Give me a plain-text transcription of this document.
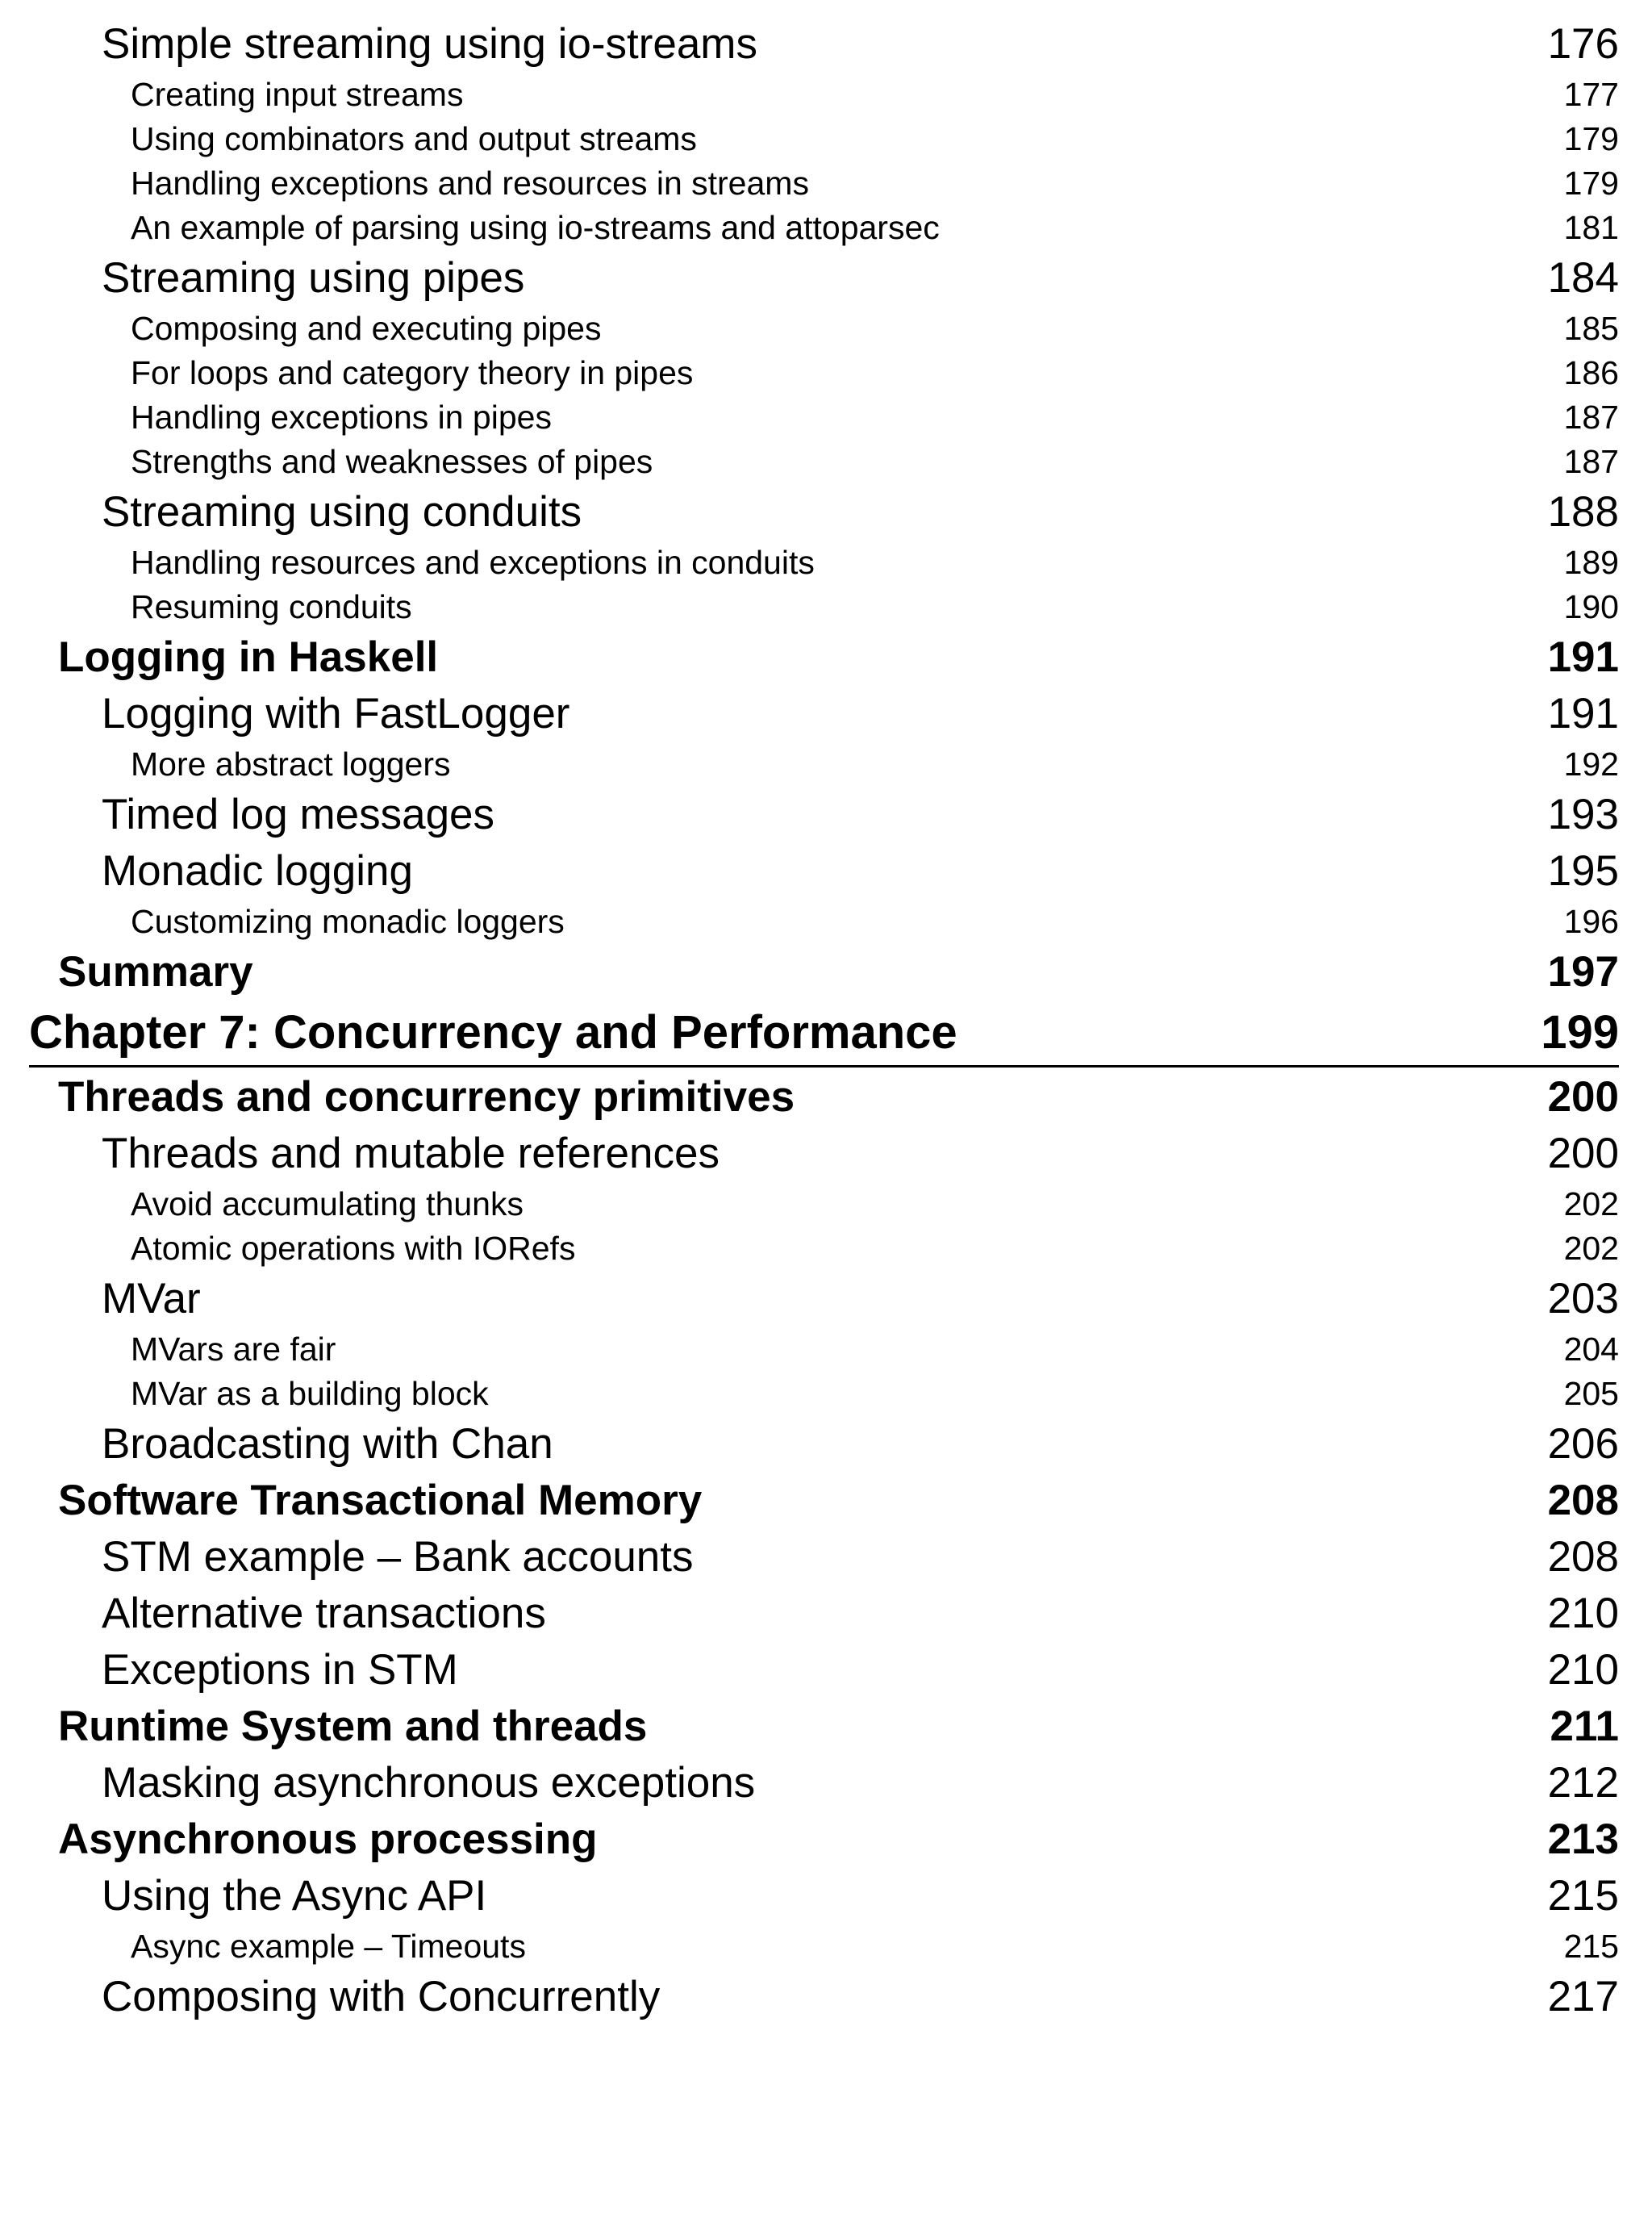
Simple streaming using io-streams	176
Creating input streams	177
Using combinators and output streams	179
Handling exceptions and resources in streams	179
An example of parsing using io-streams and attoparsec	181
Streaming using pipes	184
Composing and executing pipes	185
For loops and category theory in pipes	186
Handling exceptions in pipes	187
Strengths and weaknesses of pipes	187
Streaming using conduits	188
Handling resources and exceptions in conduits	189
Resuming conduits	190
Logging in Haskell	191
Logging with FastLogger	191
More abstract loggers	192
Timed log messages	193
Monadic logging	195
Customizing monadic loggers	196
Summary	197
Chapter 7: Concurrency and Performance	199
Threads and concurrency primitives	200
Threads and mutable references	200
Avoid accumulating thunks	202
Atomic operations with IORefs	202
MVar	203
MVars are fair	204
MVar as a building block	205
Broadcasting with Chan	206
Software Transactional Memory	208
STM example – Bank accounts	208
Alternative transactions	210
Exceptions in STM	210
Runtime System and threads	211
Masking asynchronous exceptions	212
Asynchronous processing	213
Using the Async API	215
Async example – Timeouts	215
Composing with Concurrently	217
